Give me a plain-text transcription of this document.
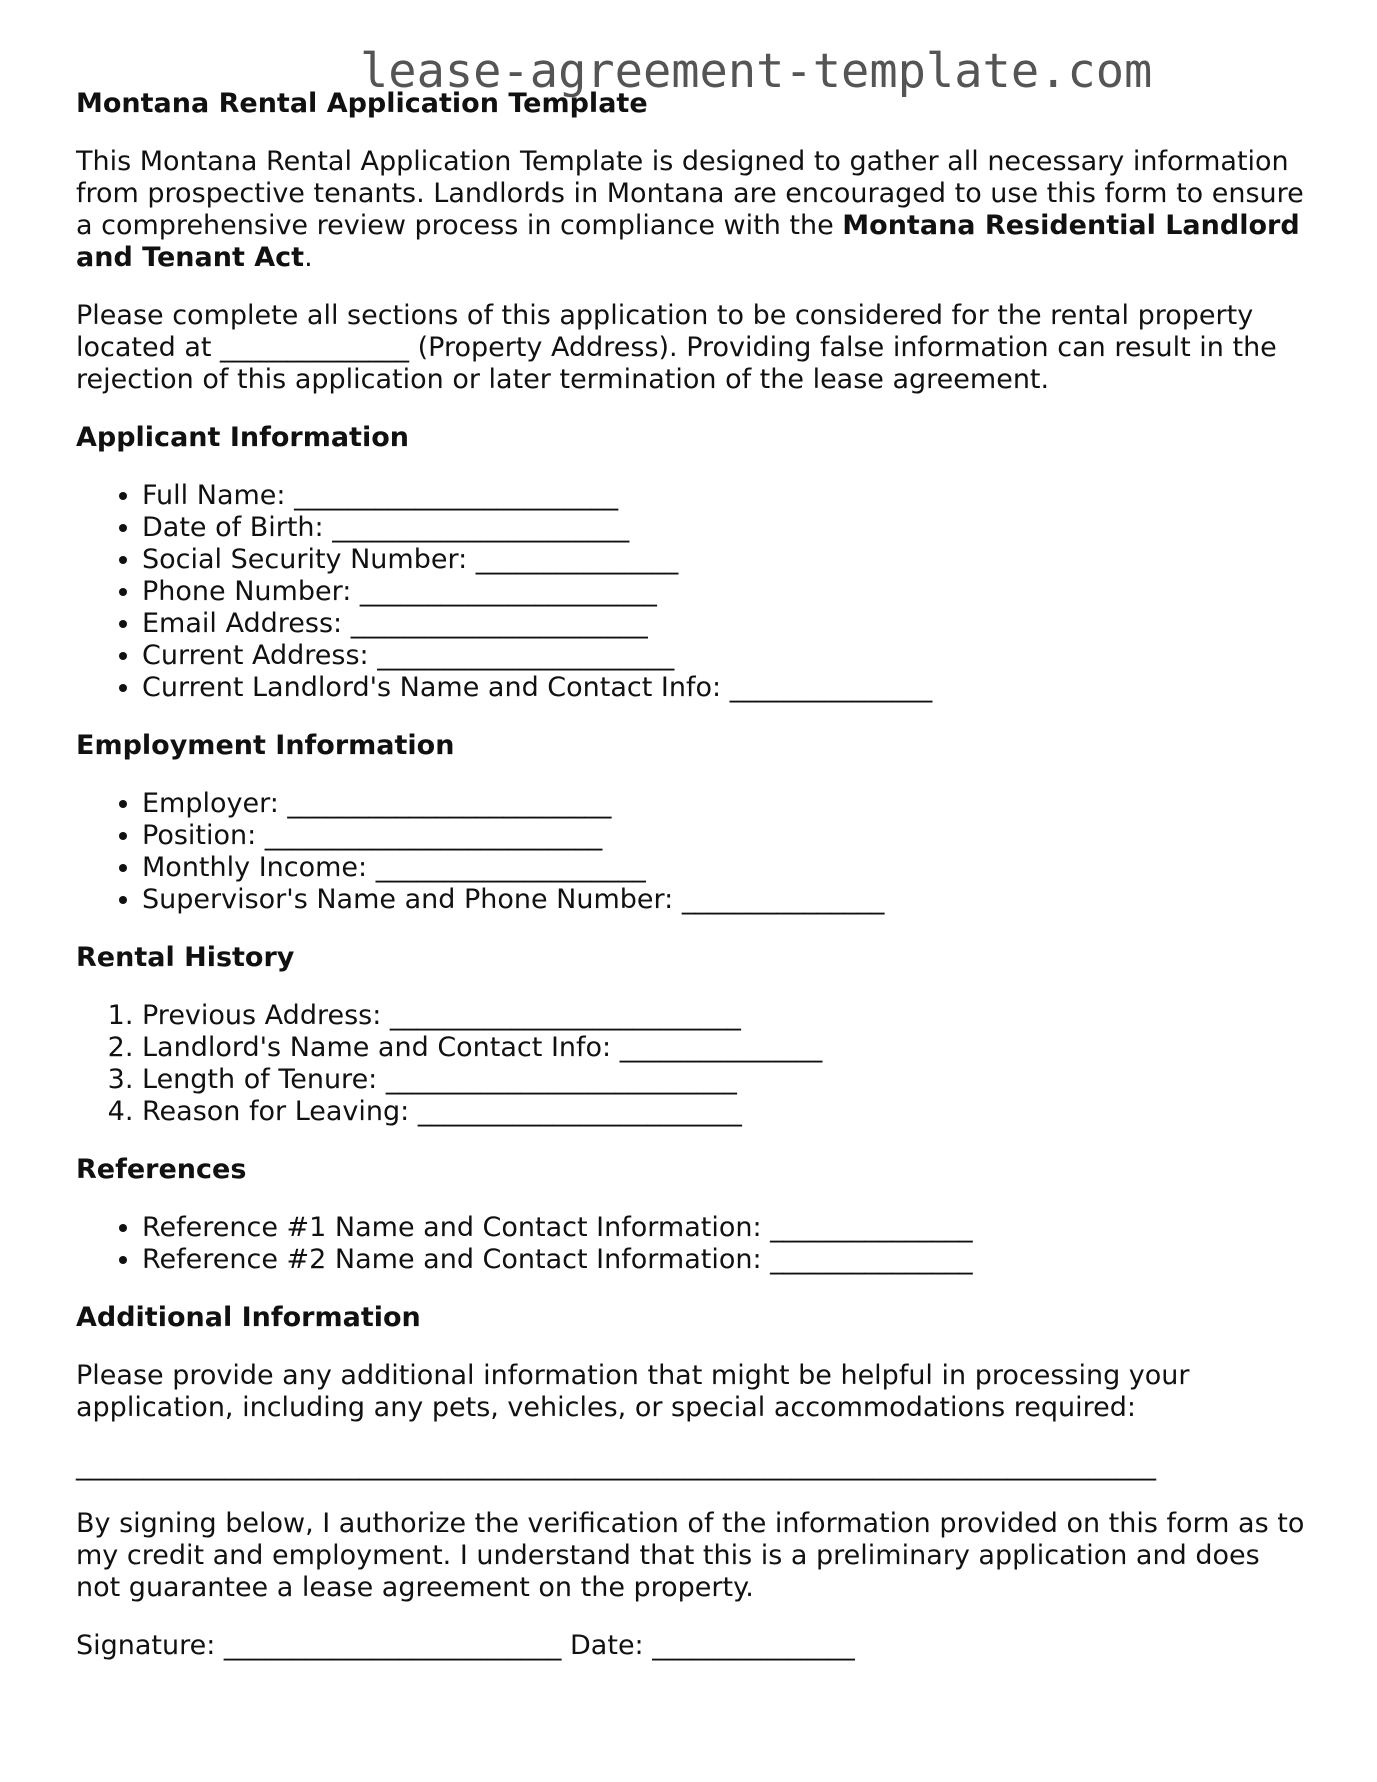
lease-agreement-template.com
Montana Rental Application Template

This Montana Rental Application Template is designed to gather all necessary information from prospective tenants. Landlords in Montana are encouraged to use this form to ensure a comprehensive review process in compliance with the Montana Residential Landlord and Tenant Act.

Please complete all sections of this application to be considered for the rental property located at ______________ (Property Address). Providing false information can result in the rejection of this application or later termination of the lease agreement.

Applicant Information
• Full Name: ________________________
• Date of Birth: ______________________
• Social Security Number: _______________
• Phone Number: ______________________
• Email Address: ______________________
• Current Address: ______________________
• Current Landlord's Name and Contact Info: _______________
Employment Information
• Employer: ________________________
• Position: _________________________
• Monthly Income: ____________________
• Supervisor's Name and Phone Number: _______________
Rental History
1. Previous Address: __________________________
2. Landlord's Name and Contact Info: _______________
3. Length of Tenure: __________________________
4. Reason for Leaving: ________________________
References
• Reference #1 Name and Contact Information: _______________
• Reference #2 Name and Contact Information: _______________
Additional Information

Please provide any additional information that might be helpful in processing your application, including any pets, vehicles, or special accommodations required:

________________________________________________________________________________

By signing below, I authorize the verification of the information provided on this form as to my credit and employment. I understand that this is a preliminary application and does not guarantee a lease agreement on the property.

Signature: _________________________ Date: _______________
